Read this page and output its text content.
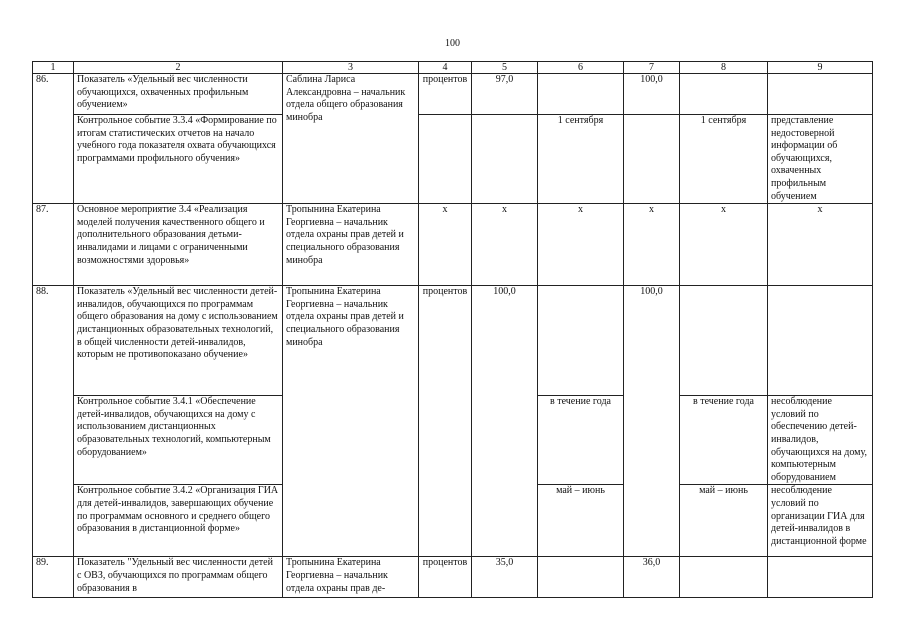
100
1	2	3	4	5	6	7	8	9
86.	Показатель «Удельный вес численности обучающихся, охваченных профильным обучением»	Саблина Лариса Александровна – начальник отдела общего образования минобра	процентов	97,0		100,0		
	Контрольное событие 3.3.4 «Формирование по итогам статистических отчетов на начало учебного года показателя охвата обучающихся программами профильного обучения»				1 сентября		1 сентября	представление недостоверной информации об обучающихся, охваченных профильным обучением
87.	Основное мероприятие 3.4 «Реализация моделей получения качественного общего и дополнительного образования детьми-инвалидами и лицами с ограниченными возможностями здоровья»	Тропынина Екатерина Георгиевна – начальник отдела охраны прав детей и специального образования минобра	х	х	х	х	х	х
88.	Показатель «Удельный вес численности детей-инвалидов, обучающихся по программам общего образования на дому с использованием дистанционных образовательных технологий, в общей численности детей-инвалидов, которым не противопоказано обучение»	Тропынина Екатерина Георгиевна – начальник отдела охраны прав детей и специального образования минобра	процентов	100,0		100,0		
	Контрольное событие 3.4.1 «Обеспечение детей-инвалидов, обучающихся на дому с использованием дистанционных образовательных технологий, компьютерным оборудованием»				в течение года		в течение года	несоблюдение условий по обеспечению детей-инвалидов, обучающихся на дому, компьютерным оборудованием
	Контрольное событие 3.4.2 «Организация ГИА для детей-инвалидов, завершающих обучение по программам основного и среднего общего образования в дистанционной форме»				май – июнь		май – июнь	несоблюдение условий по организации ГИА для детей-инвалидов в дистанционной форме
89.	Показатель "Удельный вес численности детей с ОВЗ, обучающихся по программам общего образования в	Тропынина Екатерина Георгиевна – начальник отдела охраны прав де-	процентов	35,0		36,0		
